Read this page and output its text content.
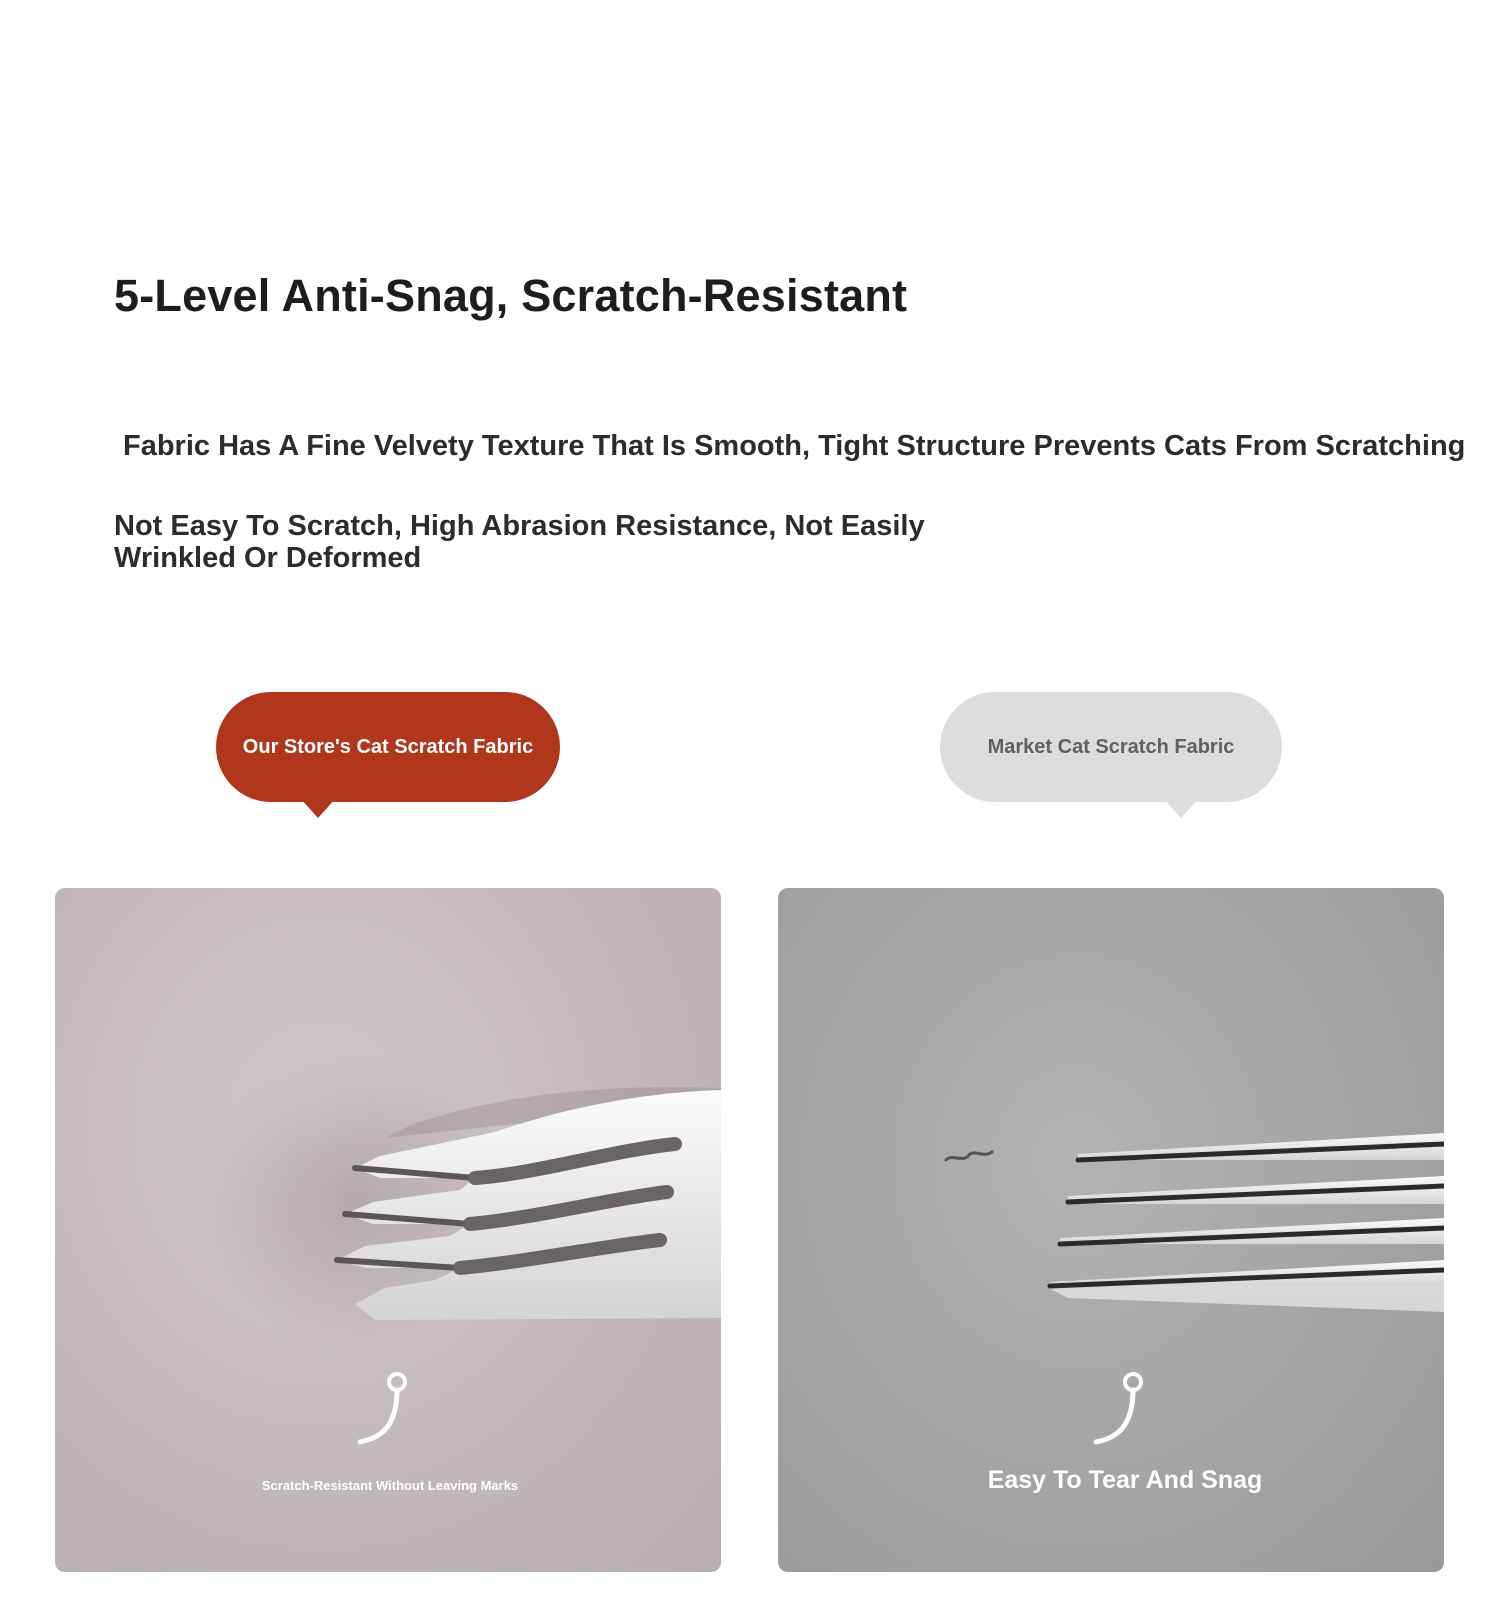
5-Level Anti-Snag, Scratch-Resistant
Fabric Has A Fine Velvety Texture That Is Smooth, Tight Structure Prevents Cats From Scratching
Not Easy To Scratch, High Abrasion Resistance, Not Easily Wrinkled Or Deformed
Our Store's Cat Scratch Fabric	Market Cat Scratch Fabric
Scratch-Resistant Without Leaving Marks	Easy To Tear And Snag
